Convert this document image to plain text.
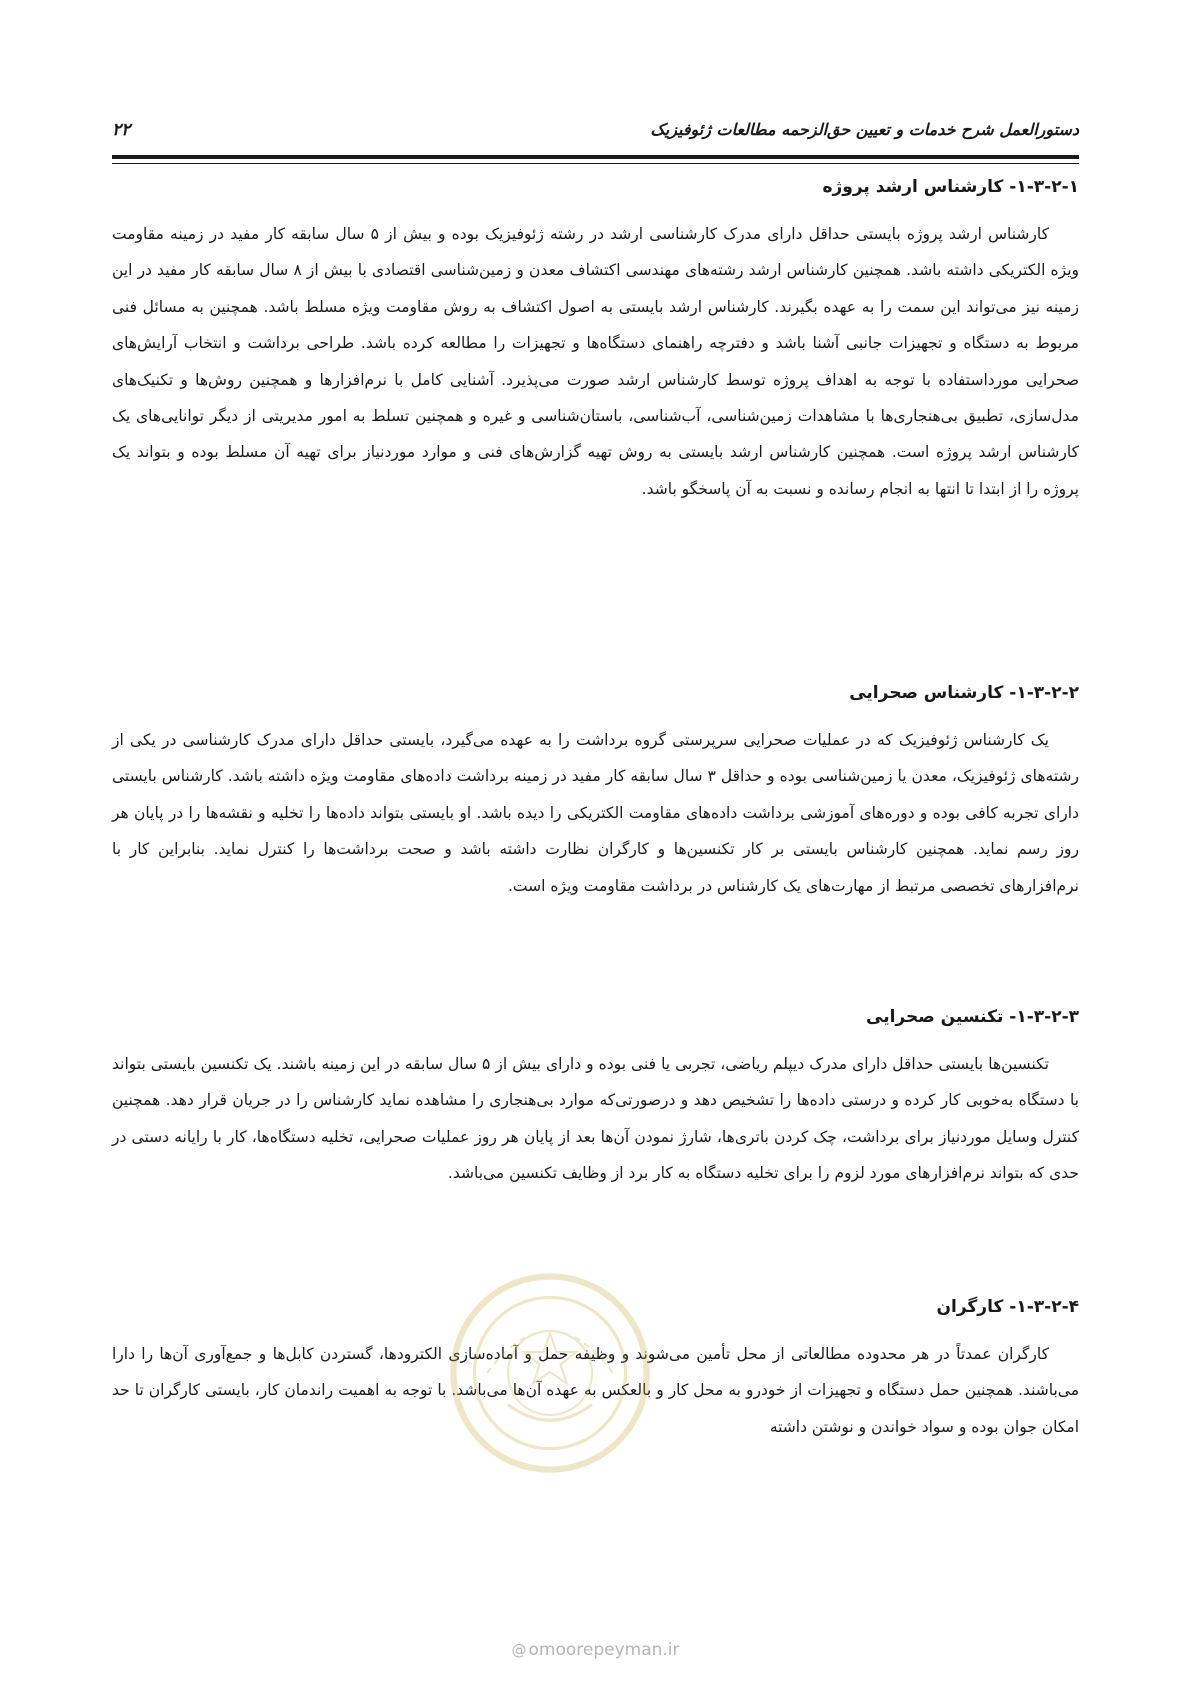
دستورالعمل شرح خدمات و تعیین حق‌الزحمه مطالعات ژئوفیزیک
۲۲
۱-۳-۲-۱- کارشناس ارشد پروژه

کارشناس ارشد پروژه بایستی حداقل دارای مدرک کارشناسی ارشد در رشته ژئوفیزیک بوده و بیش از ۵ سال سابقه کار مفید در زمینه مقاومت ویژه الکتریکی داشته باشد. همچنین کارشناس ارشد رشته‌های مهندسی اکتشاف معدن و زمین‌شناسی اقتصادی با بیش از ۸ سال سابقه کار مفید در این زمینه نیز می‌تواند این سمت را به عهده بگیرند. کارشناس ارشد بایستی به اصول اکتشاف به روش مقاومت ویژه مسلط باشد. همچنین به مسائل فنی مربوط به دستگاه و تجهیزات جانبی آشنا باشد و دفترچه راهنمای دستگاه‌ها و تجهیزات را مطالعه کرده باشد. طراحی برداشت و انتخاب آرایش‌های صحرایی مورداستفاده با توجه به اهداف پروژه توسط کارشناس ارشد صورت می‌پذیرد. آشنایی کامل با نرم‌افزارها و همچنین روش‌ها و تکنیک‌های مدل‌سازی، تطبیق بی‌هنجاری‌ها با مشاهدات زمین‌شناسی، آب‌شناسی، باستان‌شناسی و غیره و همچنین تسلط به امور مدیریتی از دیگر توانایی‌های یک کارشناس ارشد پروژه است. همچنین کارشناس ارشد بایستی به روش تهیه گزارش‌های فنی و موارد موردنیاز برای تهیه آن مسلط بوده و بتواند یک پروژه را از ابتدا تا انتها به انجام رسانده و نسبت به آن پاسخگو باشد.

۱-۳-۲-۲- کارشناس صحرایی

یک کارشناس ژئوفیزیک که در عملیات صحرایی سرپرستی گروه برداشت را به عهده می‌گیرد، بایستی حداقل دارای مدرک کارشناسی در یکی از رشته‌های ژئوفیزیک، معدن یا زمین‌شناسی بوده و حداقل ۳ سال سابقه کار مفید در زمینه برداشت داده‌های مقاومت ویژه داشته باشد. کارشناس بایستی دارای تجربه کافی بوده و دوره‌های آموزشی برداشت داده‌های مقاومت الکتریکی را دیده باشد. او بایستی بتواند داده‌ها را تخلیه و نقشه‌ها را در پایان هر روز رسم نماید. همچنین کارشناس بایستی بر کار تکنسین‌ها و کارگران نظارت داشته باشد و صحت برداشت‌ها را کنترل نماید. بنابراین کار با نرم‌افزارهای تخصصی مرتبط از مهارت‌های یک کارشناس در برداشت مقاومت ویژه است.

۱-۳-۲-۳- تکنسین صحرایی

تکنسین‌ها بایستی حداقل دارای مدرک دیپلم ریاضی، تجربی یا فنی بوده و دارای بیش از ۵ سال سابقه در این زمینه باشند. یک تکنسین بایستی بتواند با دستگاه به‌خوبی کار کرده و درستی داده‌ها را تشخیص دهد و درصورتی‌که موارد بی‌هنجاری را مشاهده نماید کارشناس را در جریان قرار دهد. همچنین کنترل وسایل موردنیاز برای برداشت، چک کردن باتری‌ها، شارژ نمودن آن‌ها بعد از پایان هر روز عملیات صحرایی، تخلیه دستگاه‌ها، کار با رایانه دستی در حدی که بتواند نرم‌افزارهای مورد لزوم را برای تخلیه دستگاه به کار برد از وظایف تکنسین می‌باشد.

۱-۳-۲-۴- کارگران

کارگران عمدتاً در هر محدوده مطالعاتی از محل تأمین می‌شوند و وظیفه حمل و آماده‌سازی الکترودها، گستردن کابل‌ها و جمع‌آوری آن‌ها را دارا می‌باشند. همچنین حمل دستگاه و تجهیزات از خودرو به محل کار و بالعکس به عهده آن‌ها می‌باشد. با توجه به اهمیت راندمان کار، بایستی کارگران تا حد امکان جوان بوده و سواد خواندن و نوشتن داشته

@ omoorepeyman.ir
